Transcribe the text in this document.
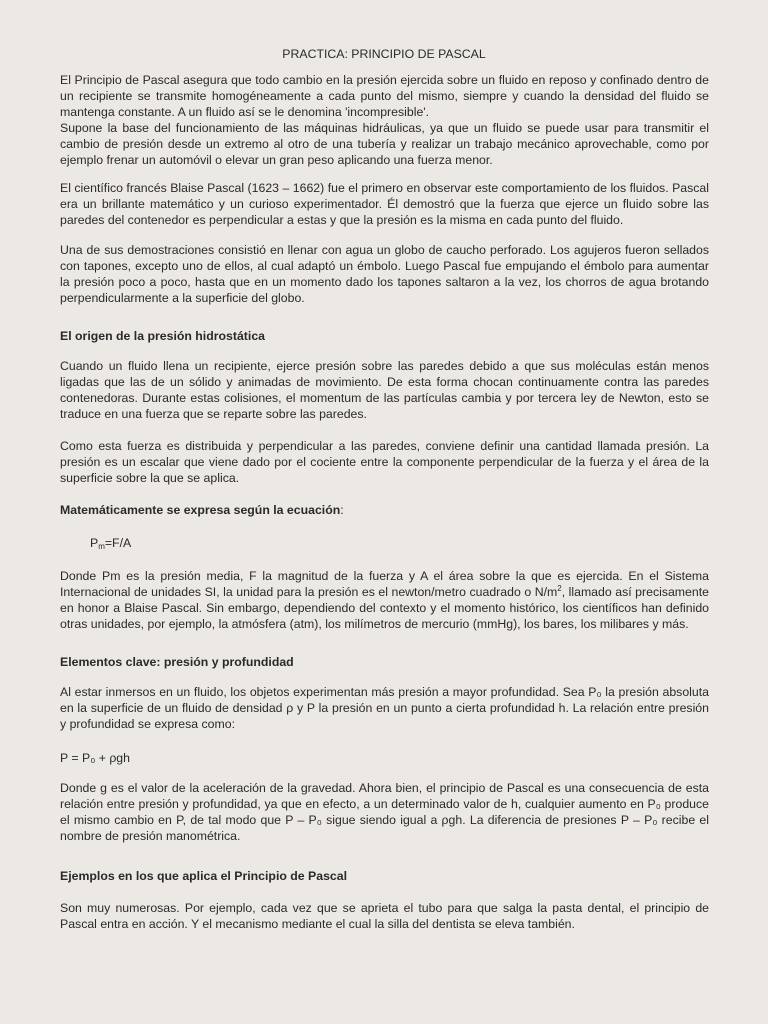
PRACTICA: PRINCIPIO DE PASCAL

El Principio de Pascal asegura que todo cambio en la presión ejercida sobre un fluido en reposo y confinado dentro de un recipiente se transmite homogéneamente a cada punto del mismo, siempre y cuando la densidad del fluido se mantenga constante. A un fluido así se le denomina 'incompresible'.

Supone la base del funcionamiento de las máquinas hidráulicas, ya que un fluido se puede usar para transmitir el cambio de presión desde un extremo al otro de una tubería y realizar un trabajo mecánico aprovechable, como por ejemplo frenar un automóvil o elevar un gran peso aplicando una fuerza menor.

El científico francés Blaise Pascal (1623 – 1662) fue el primero en observar este comportamiento de los fluidos. Pascal era un brillante matemático y un curioso experimentador. Él demostró que la fuerza que ejerce un fluido sobre las paredes del contenedor es perpendicular a estas y que la presión es la misma en cada punto del fluido.

Una de sus demostraciones consistió en llenar con agua un globo de caucho perforado. Los agujeros fueron sellados con tapones, excepto uno de ellos, al cual adaptó un émbolo. Luego Pascal fue empujando el émbolo para aumentar la presión poco a poco, hasta que en un momento dado los tapones saltaron a la vez, los chorros de agua brotando perpendicularmente a la superficie del globo.

El origen de la presión hidrostática

Cuando un fluido llena un recipiente, ejerce presión sobre las paredes debido a que sus moléculas están menos ligadas que las de un sólido y animadas de movimiento. De esta forma chocan continuamente contra las paredes contenedoras. Durante estas colisiones, el momentum de las partículas cambia y por tercera ley de Newton, esto se traduce en una fuerza que se reparte sobre las paredes.

Como esta fuerza es distribuida y perpendicular a las paredes, conviene definir una cantidad llamada presión. La presión es un escalar que viene dado por el cociente entre la componente perpendicular de la fuerza y el área de la superficie sobre la que se aplica.

Matemáticamente se expresa según la ecuación:

$P_m=F/A$

Donde Pm es la presión media, F la magnitud de la fuerza y A el área sobre la que es ejercida. En el Sistema Internacional de unidades SI, la unidad para la presión es el newton/metro cuadrado o $N/m^2$, llamado así precisamente en honor a Blaise Pascal. Sin embargo, dependiendo del contexto y el momento histórico, los científicos han definido otras unidades, por ejemplo, la atmósfera (atm), los milímetros de mercurio (mmHg), los bares, los milibares y más.

Elementos clave: presión y profundidad

Al estar inmersos en un fluido, los objetos experimentan más presión a mayor profundidad. Sea P₀ la presión absoluta en la superficie de un fluido de densidad ρ y P la presión en un punto a cierta profundidad h. La relación entre presión y profundidad se expresa como:

P = P₀ + ρgh

Donde g es el valor de la aceleración de la gravedad. Ahora bien, el principio de Pascal es una consecuencia de esta relación entre presión y profundidad, ya que en efecto, a un determinado valor de h, cualquier aumento en P₀ produce el mismo cambio en P, de tal modo que P – P₀ sigue siendo igual a ρgh. La diferencia de presiones P – P₀ recibe el nombre de presión manométrica.

Ejemplos en los que aplica el Principio de Pascal

Son muy numerosas. Por ejemplo, cada vez que se aprieta el tubo para que salga la pasta dental, el principio de Pascal entra en acción. Y el mecanismo mediante el cual la silla del dentista se eleva también.
